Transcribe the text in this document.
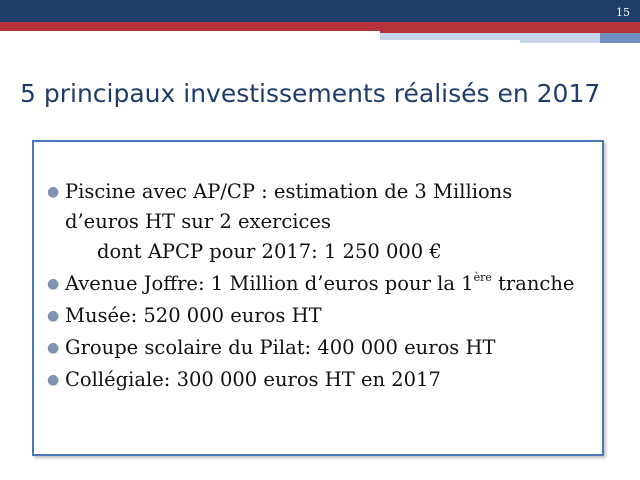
15
5 principaux investissements réalisés en 2017
● Piscine avec AP/CP : estimation de 3 Millions d’euros HT sur 2 exercices
dont APCP pour 2017: 1 250 000 €
● Avenue Joffre: 1 Million d’euros pour la 1ère tranche
● Musée: 520 000 euros HT
● Groupe scolaire du Pilat: 400 000 euros HT
● Collégiale: 300 000 euros HT en 2017
